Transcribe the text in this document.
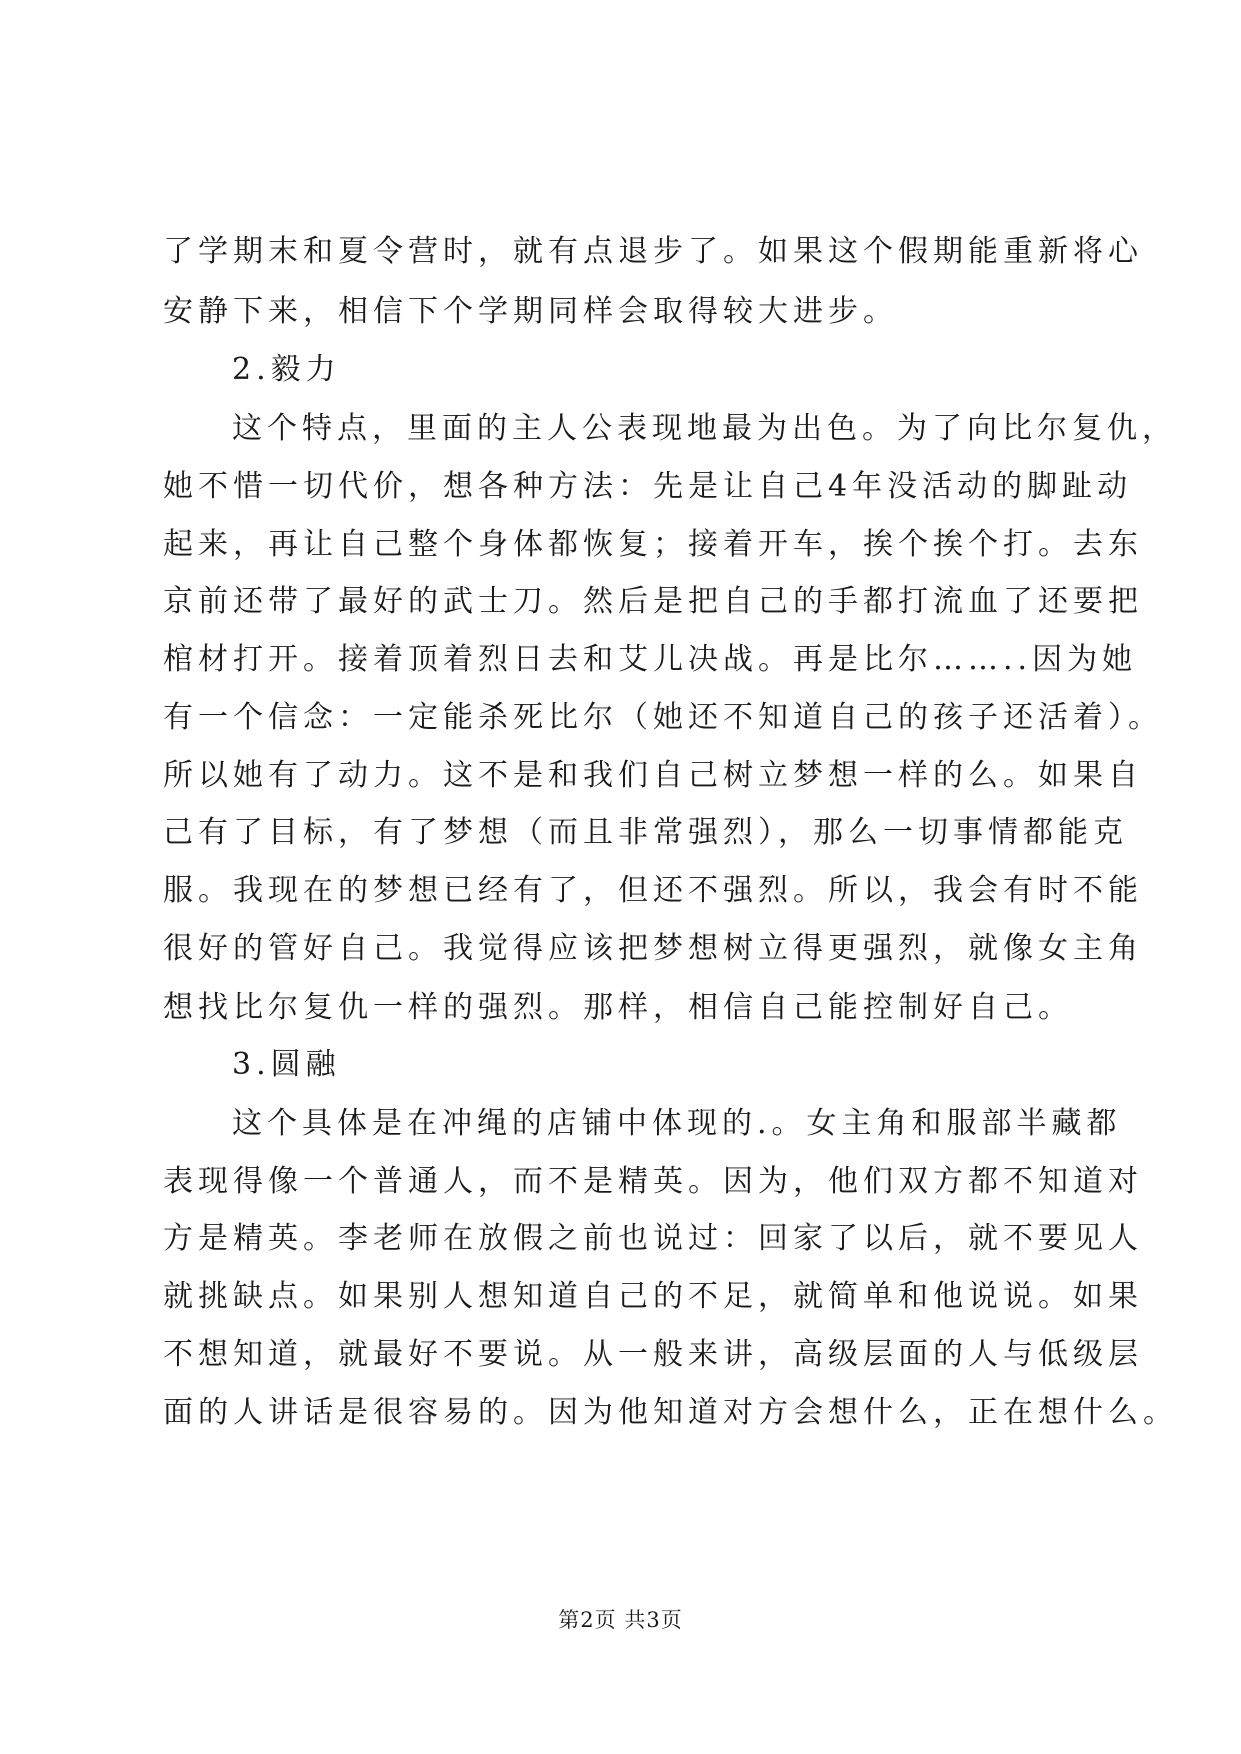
了学期末和夏令营时，就有点退步了。如果这个假期能重新将心
安静下来，相信下个学期同样会取得较大进步。
2.毅力
这个特点，里面的主人公表现地最为出色。为了向比尔复仇，
她不惜一切代价，想各种方法：先是让自己4年没活动的脚趾动
起来，再让自己整个身体都恢复；接着开车，挨个挨个打。去东
京前还带了最好的武士刀。然后是把自己的手都打流血了还要把
棺材打开。接着顶着烈日去和艾儿决战。再是比尔……..因为她
有一个信念：一定能杀死比尔（她还不知道自己的孩子还活着）。
所以她有了动力。这不是和我们自己树立梦想一样的么。如果自
己有了目标，有了梦想（而且非常强烈），那么一切事情都能克
服。我现在的梦想已经有了，但还不强烈。所以，我会有时不能
很好的管好自己。我觉得应该把梦想树立得更强烈，就像女主角
想找比尔复仇一样的强烈。那样，相信自己能控制好自己。
3.圆融
这个具体是在冲绳的店铺中体现的.。女主角和服部半藏都
表现得像一个普通人，而不是精英。因为，他们双方都不知道对
方是精英。李老师在放假之前也说过：回家了以后，就不要见人
就挑缺点。如果别人想知道自己的不足，就简单和他说说。如果
不想知道，就最好不要说。从一般来讲，高级层面的人与低级层
面的人讲话是很容易的。因为他知道对方会想什么，正在想什么。
第2页 共3页
